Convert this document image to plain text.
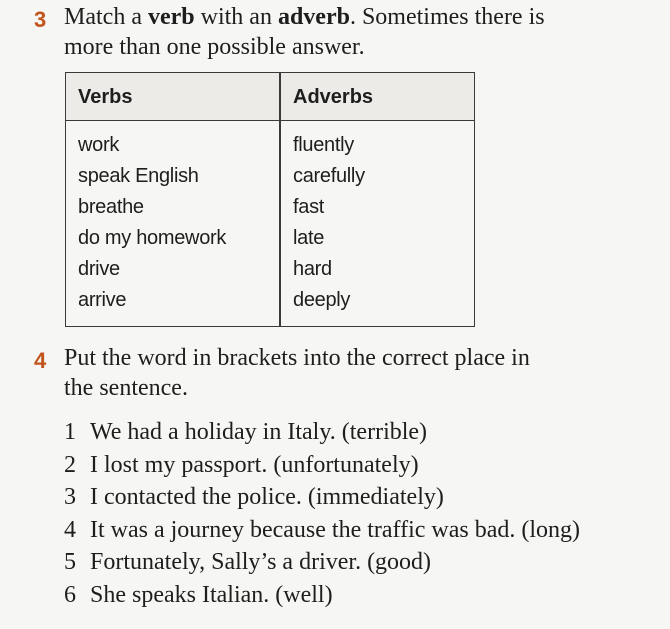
3 Match a verb with an adverb. Sometimes there is
more than one possible answer.
Verbs	Adverbs
work
speak English
breathe
do my homework
drive
arrive
fluently
carefully
fast
late
hard
deeply
4 Put the word in brackets into the correct place in
the sentence.
1 We had a holiday in Italy. (terrible)
2 I lost my passport. (unfortunately)
3 I contacted the police. (immediately)
4 It was a journey because the traffic was bad. (long)
5 Fortunately, Sally’s a driver. (good)
6 She speaks Italian. (well)
